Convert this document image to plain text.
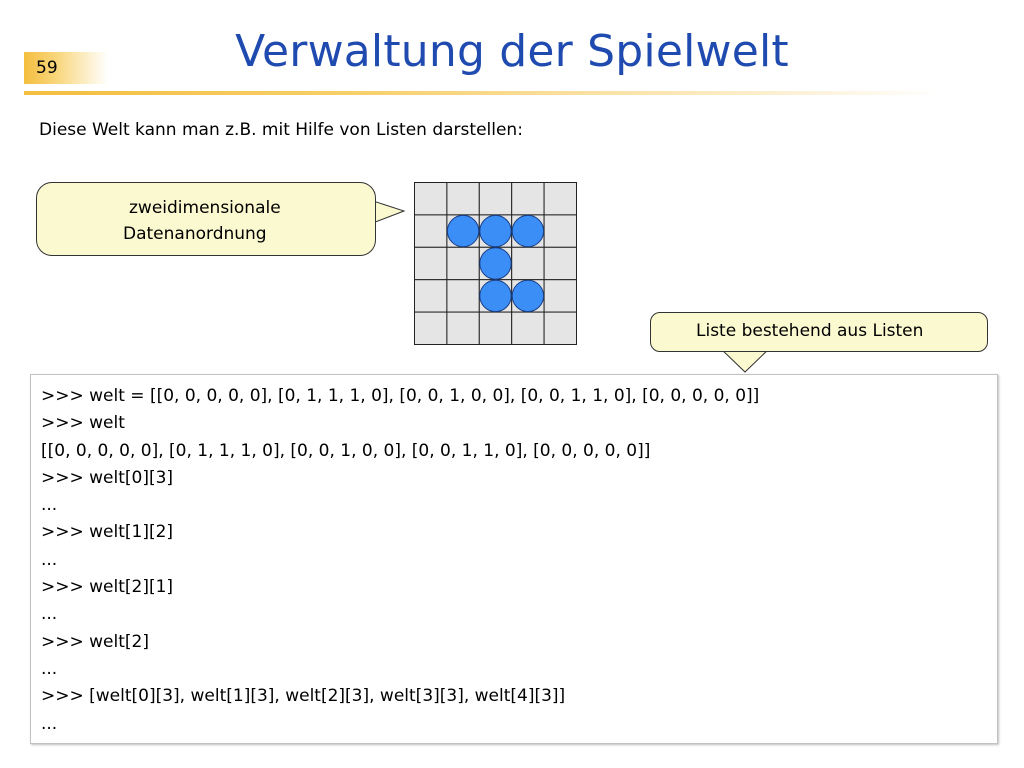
59	Verwaltung der Spielwelt
Diese Welt kann man z.B. mit Hilfe von Listen darstellen:
zweidimensionale
Datenanordnung
Liste bestehend aus Listen
>>> welt = [[0, 0, 0, 0, 0], [0, 1, 1, 1, 0], [0, 0, 1, 0, 0], [0, 0, 1, 1, 0], [0, 0, 0, 0, 0]]
>>> welt
[[0, 0, 0, 0, 0], [0, 1, 1, 1, 0], [0, 0, 1, 0, 0], [0, 0, 1, 1, 0], [0, 0, 0, 0, 0]]
>>> welt[0][3]
...
>>> welt[1][2]
...
>>> welt[2][1]
...
>>> welt[2]
...
>>> [welt[0][3], welt[1][3], welt[2][3], welt[3][3], welt[4][3]]
...
